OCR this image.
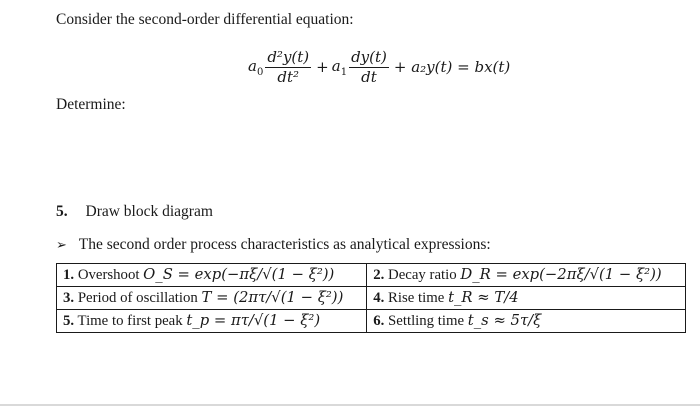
Consider the second-order differential equation:
$a_0 \frac{\text{d²y(t)}}{\text{dt²}} + a_1 \frac{dy(t)}{dt} + a_2y(t) = bx(t)$
Determine:
5. Draw block diagram
➢ The second order process characteristics as analytical expressions:
1. Overshoot O_S = exp(−πξ/√(1 − ξ²))	2. Decay ratio D_R = exp(−2πξ/√(1 − ξ²))
3. Period of oscillation T = (2πτ/√(1 − ξ²))	4. Rise time t_R ≈ T/4
5. Time to first peak t_p = πτ/√(1 − ξ²)	6. Settling time t_s ≈ 5τ/ξ
